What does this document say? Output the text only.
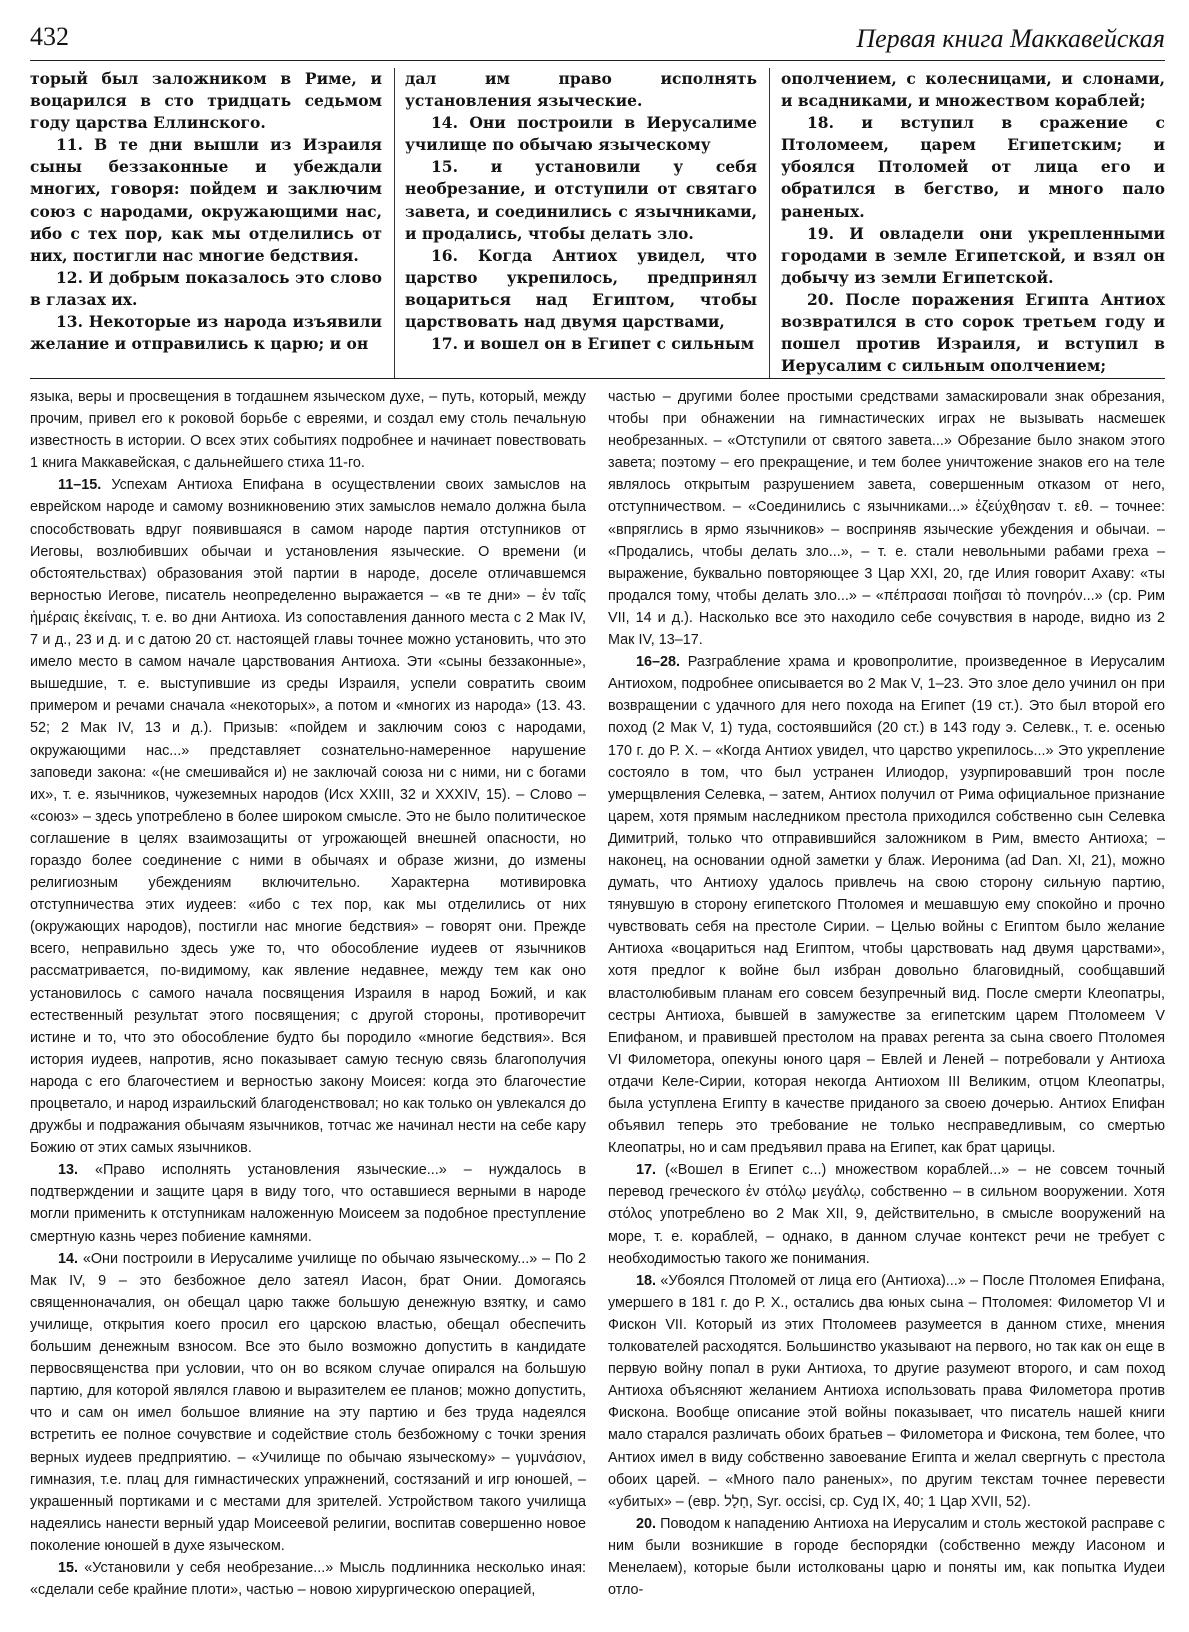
432	Первая книга Маккавейская

торый был заложником в Риме, и воцарился в сто тридцать седьмом году царства Еллинского.

11. В те дни вышли из Израиля сыны беззаконные и убеждали многих, говоря: пойдем и заключим союз с народами, окружающими нас, ибо с тех пор, как мы отделились от них, постигли нас многие бедствия.

12. И добрым показалось это слово в глазах их.

13. Некоторые из народа изъявили желание и отправились к царю; и он

дал им право исполнять установления языческие.

14. Они построили в Иерусалиме училище по обычаю языческому

15. и установили у себя необрезание, и отступили от святаго завета, и соединились с язычниками, и продались, чтобы делать зло.

16. Когда Антиох увидел, что царство укрепилось, предпринял воцариться над Египтом, чтобы царствовать над двумя царствами,

17. и вошел он в Египет с сильным

ополчением, с колесницами, и слонами, и всадниками, и множеством кораблей;

18. и вступил в сражение с Птоломеем, царем Египетским; и убоялся Птоломей от лица его и обратился в бегство, и много пало раненых.

19. И овладели они укрепленными городами в земле Египетской, и взял он добычу из земли Египетской.

20. После поражения Египта Антиох возвратился в сто сорок третьем году и пошел против Израиля, и вступил в Иерусалим с сильным ополчением;

языка, веры и просвещения в тогдашнем языческом духе, – путь, который, между прочим, привел его к роковой борьбе с евреями, и создал ему столь печальную известность в истории. О всех этих событиях подробнее и начинает повествовать 1 книга Маккавейская, с дальнейшего стиха 11-го.

11–15. Успехам Антиоха Епифана в осуществлении своих замыслов на еврейском народе и самому возникновению этих замыслов немало должна была способствовать вдруг появившаяся в самом народе партия отступников от Иеговы, возлюбивших обычаи и установления языческие. О времени (и обстоятельствах) образования этой партии в народе, доселе отличавшемся верностью Иегове, писатель неопределенно выражается – «в те дни» – ἐν ταῖς ἡμέραις ἐκείναις, т. е. во дни Антиоха. Из сопоставления данного места с 2 Мак IV, 7 и д., 23 и д. и с датою 20 ст. настоящей главы точнее можно установить, что это имело место в самом начале царствования Антиоха. Эти «сыны беззаконные», вышедшие, т. е. выступившие из среды Израиля, успели совратить своим примером и речами сначала «некоторых», а потом и «многих из народа» (13. 43. 52; 2 Мак IV, 13 и д.). Призыв: «пойдем и заключим союз с народами, окружающими нас...» представляет сознательно-намеренное нарушение заповеди закона: «(не смешивайся и) не заключай союза ни с ними, ни с богами их», т. е. язычников, чужеземных народов (Исх XXIII, 32 и XXXIV, 15). – Слово – «союз» – здесь употреблено в более широком смысле. Это не было политическое соглашение в целях взаимозащиты от угрожающей внешней опасности, но гораздо более соединение с ними в обычаях и образе жизни, до измены религиозным убеждениям включительно. Характерна мотивировка отступничества этих иудеев: «ибо с тех пор, как мы отделились от них (окружающих народов), постигли нас многие бедствия» – говорят они. Прежде всего, неправильно здесь уже то, что обособление иудеев от язычников рассматривается, по-видимому, как явление недавнее, между тем как оно установилось с самого начала посвящения Израиля в народ Божий, и как естественный результат этого посвящения; с другой стороны, противоречит истине и то, что это обособление будто бы породило «многие бедствия». Вся история иудеев, напротив, ясно показывает самую тесную связь благополучия народа с его благочестием и верностью закону Моисея: когда это благочестие процветало, и народ израильский благоденствовал; но как только он увлекался до дружбы и подражания обычаям язычников, тотчас же начинал нести на себе кару Божию от этих самых язычников.

13. «Право исполнять установления языческие...» – нуждалось в подтверждении и защите царя в виду того, что оставшиеся верными в народе могли применить к отступникам наложенную Моисеем за подобное преступление смертную казнь через побиение камнями.

14. «Они построили в Иерусалиме училище по обычаю языческому...» – По 2 Мак IV, 9 – это безбожное дело затеял Иасон, брат Онии. Домогаясь священноначалия, он обещал царю также большую денежную взятку, и само училище, открытия коего просил его царскою властью, обещал обеспечить большим денежным взносом. Все это было возможно допустить в кандидате первосвященства при условии, что он во всяком случае опирался на большую партию, для которой являлся главою и выразителем ее планов; можно допустить, что и сам он имел большое влияние на эту партию и без труда надеялся встретить ее полное сочувствие и содействие столь безбожному с точки зрения верных иудеев предприятию. – «Училище по обычаю языческому» – γυμνάσιον, гимназия, т.е. плац для гимнастических упражнений, состязаний и игр юношей, – украшенный портиками и с местами для зрителей. Устройством такого училища надеялись нанести верный удар Моисеевой религии, воспитав совершенно новое поколение юношей в духе языческом.

15. «Установили у себя необрезание...» Мысль подлинника несколько иная: «сделали себе крайние плоти», частью – новою хирургическою операцией,

частью – другими более простыми средствами замаскировали знак обрезания, чтобы при обнажении на гимнастических играх не вызывать насмешек необрезанных. – «Отступили от святого завета...» Обрезание было знаком этого завета; поэтому – его прекращение, и тем более уничтожение знаков его на теле являлось открытым разрушением завета, совершенным отказом от него, отступничеством. – «Соединились с язычниками...» ἐζεύχθησαν τ. εθ. – точнее: «впряглись в ярмо язычников» – восприняв языческие убеждения и обычаи. – «Продались, чтобы делать зло...», – т. е. стали невольными рабами греха – выражение, буквально повторяющее 3 Цар XXI, 20, где Илия говорит Ахаву: «ты продался тому, чтобы делать зло...» – «πέπρασαι ποιῆσαι τὸ πονηρόν...» (ср. Рим VII, 14 и д.). Насколько все это находило себе сочувствия в народе, видно из 2 Мак IV, 13–17.

16–28. Разграбление храма и кровопролитие, произведенное в Иерусалим Антиохом, подробнее описывается во 2 Мак V, 1–23. Это злое дело учинил он при возвращении с удачного для него похода на Египет (19 ст.). Это был второй его поход (2 Мак V, 1) туда, состоявшийся (20 ст.) в 143 году э. Селевк., т. е. осенью 170 г. до Р. Х. – «Когда Антиох увидел, что царство укрепилось...» Это укрепление состояло в том, что был устранен Илиодор, узурпировавший трон после умерщвления Селевка, – затем, Антиох получил от Рима официальное признание царем, хотя прямым наследником престола приходился собственно сын Селевка Димитрий, только что отправившийся заложником в Рим, вместо Антиоха; – наконец, на основании одной заметки у блаж. Иеронима (ad Dan. XI, 21), можно думать, что Антиоху удалось привлечь на свою сторону сильную партию, тянувшую в сторону египетского Птоломея и мешавшую ему спокойно и прочно чувствовать себя на престоле Сирии. – Целью войны с Египтом было желание Антиоха «воцариться над Египтом, чтобы царствовать над двумя царствами», хотя предлог к войне был избран довольно благовидный, сообщавший властолюбивым планам его совсем безупречный вид. После смерти Клеопатры, сестры Антиоха, бывшей в замужестве за египетским царем Птоломеем V Епифаном, и правившей престолом на правах регента за сына своего Птоломея VI Филометора, опекуны юного царя – Евлей и Леней – потребовали у Антиоха отдачи Келе-Сирии, которая некогда Антиохом III Великим, отцом Клеопатры, была уступлена Египту в качестве приданого за своею дочерью. Антиох Епифан объявил теперь это требование не только несправедливым, со смертью Клеопатры, но и сам предъявил права на Египет, как брат царицы.

17. («Вошел в Египет с...) множеством кораблей...» – не совсем точный перевод греческого ἐν στόλῳ μεγάλῳ, собственно – в сильном вооружении. Хотя στόλος употреблено во 2 Мак XII, 9, действительно, в смысле вооружений на море, т. е. кораблей, – однако, в данном случае контекст речи не требует с необходимостью такого же понимания.

18. «Убоялся Птоломей от лица его (Антиоха)...» – После Птоломея Епифана, умершего в 181 г. до Р. Х., остались два юных сына – Птоломея: Филометор VI и Фискон VII. Который из этих Птоломеев разумеется в данном стихе, мнения толкователей расходятся. Большинство указывают на первого, но так как он еще в первую войну попал в руки Антиоха, то другие разумеют второго, и сам поход Антиоха объясняют желанием Антиоха использовать права Филометора против Фискона. Вообще описание этой войны показывает, что писатель нашей книги мало старался различать обоих братьев – Филометора и Фискона, тем более, что Антиох имел в виду собственно завоевание Египта и желал свергнуть с престола обоих царей. – «Много пало раненых», по другим текстам точнее перевести «убитых» – (евр. חָלָל, Syr. occisi, ср. Суд IX, 40; 1 Цар XVII, 52).

20. Поводом к нападению Антиоха на Иерусалим и столь жестокой расправе с ним были возникшие в городе беспорядки (собственно между Иасоном и Менелаем), которые были истолкованы царю и поняты им, как попытка Иудеи отло-
